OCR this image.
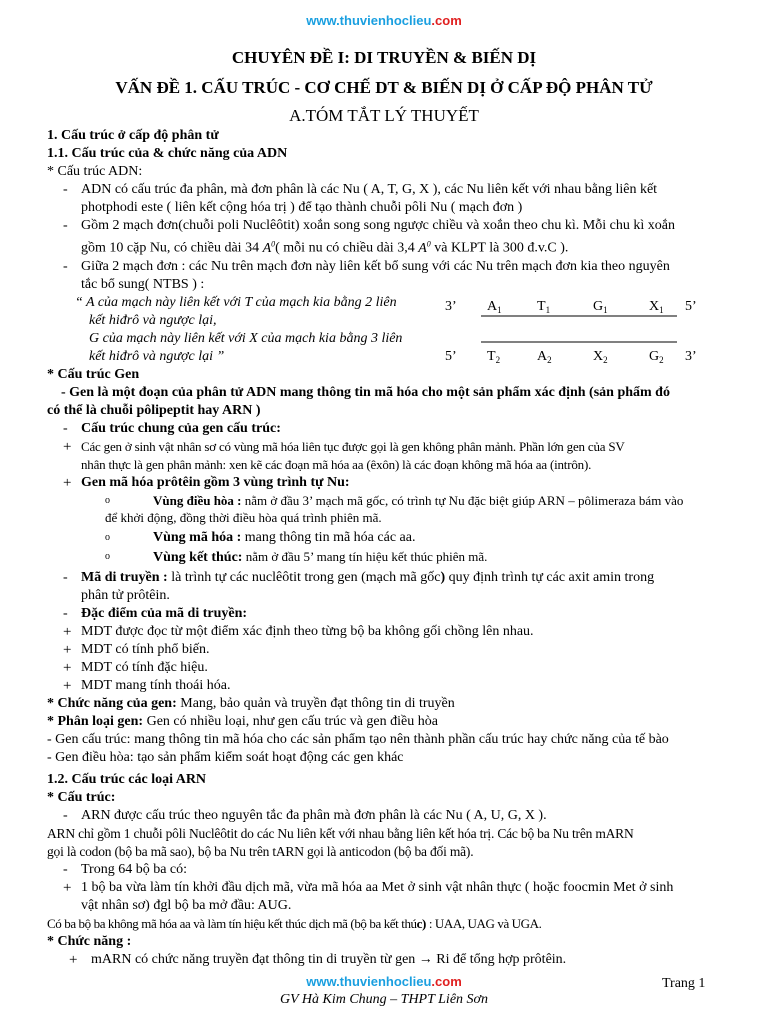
www.thuvienhoclieu.com
CHUYÊN ĐỀ I: DI TRUYỀN & BIẾN DỊ
VẤN ĐỀ 1. CẤU TRÚC - CƠ CHẾ DT & BIẾN DỊ Ở CẤP ĐỘ PHÂN TỬ
A.TÓM TẮT LÝ THUYẾT
1. Cấu trúc ở cấp độ phân tử
1.1. Cấu trúc của & chức năng của ADN
* Cấu trúc ADN:
- ADN có cấu trúc đa phân, mà đơn phân là các Nu ( A, T, G, X ), các Nu liên kết với nhau bằng liên kết
photphodi este ( liên kết cộng hóa trị ) để tạo thành chuỗi pôli Nu ( mạch đơn )
- Gồm 2 mạch đơn(chuỗi poli Nuclêôtit) xoắn song song ngược chiều và xoắn theo chu kì. Mỗi chu kì xoắn
gồm 10 cặp Nu, có chiều dài 34 $A^0$( mỗi nu có chiều dài 3,4 $A^0$ và KLPT là 300 đ.v.C ).
- Giữa 2 mạch đơn : các Nu trên mạch đơn này liên kết bổ sung với các Nu trên mạch đơn kia theo nguyên
tắc bổ sung( NTBS ) :
“ A của mạch này liên kết với T của mạch kia bằng 2 liên
kết hiđrô và ngược lại,
G của mạch này liên kết với X của mạch kia bằng 3 liên
kết hiđrô và ngược lại ”
3’ $A_1$	$T_1$	$G_1$	$X_1$ 5’
5’ $T_2$	$A_2$	$X_2$	$G_2$ 3’
* Cấu trúc Gen
- Gen là một đoạn của phân tử ADN mang thông tin mã hóa cho một sản phẩm xác định (sản phẩm đó
có thể là chuỗi pôlipeptit hay ARN )
- Cấu trúc chung của gen cấu trúc:
+ Các gen ở sinh vật nhân sơ có vùng mã hóa liên tục được gọi là gen không phân mảnh. Phần lớn gen của SV
nhân thực là gen phân mảnh: xen kẽ các đoạn mã hóa aa (êxôn) là các đoạn không mã hóa aa (intrôn).
+ Gen mã hóa prôtêin gồm 3 vùng trình tự Nu:
o	Vùng điều hòa : nằm ở đầu 3’ mạch mã gốc, có trình tự Nu đặc biệt giúp ARN – pôlimeraza bám vào
để khởi động, đồng thời điều hòa quá trình phiên mã.
o	Vùng mã hóa : mang thông tin mã hóa các aa.
o	Vùng kết thúc: nằm ở đầu 5’ mang tín hiệu kết thúc phiên mã.
- Mã di truyền : là trình tự các nuclêôtit trong gen (mạch mã gốc) quy định trình tự các axit amin trong
phân tử prôtêin.
- Đặc điểm của mã di truyền:
+ MDT được đọc từ một điểm xác định theo từng bộ ba không gối chồng lên nhau.
+ MDT có tính phổ biến.
+ MDT có tính đặc hiệu.
+ MDT mang tính thoái hóa.
* Chức năng của gen: Mang, bảo quản và truyền đạt thông tin di truyền
* Phân loại gen: Gen có nhiều loại, như gen cấu trúc và gen điều hòa
- Gen cấu trúc: mang thông tin mã hóa cho các sản phẩm tạo nên thành phần cấu trúc hay chức năng của tế bào
- Gen điều hòa: tạo sản phẩm kiểm soát hoạt động các gen khác
1.2. Cấu trúc các loại ARN
* Cấu trúc:
- ARN được cấu trúc theo nguyên tắc đa phân mà đơn phân là các Nu ( A, U, G, X ).
ARN chỉ gồm 1 chuỗi pôli Nuclêôtit do các Nu liên kết với nhau bằng liên kết hóa trị. Các bộ ba Nu trên mARN
gọi là codon (bộ ba mã sao), bộ ba Nu trên tARN gọi là anticodon (bộ ba đối mã).
- Trong 64 bộ ba có:
+ 1 bộ ba vừa làm tín khởi đầu dịch mã, vừa mã hóa aa Met ở sinh vật nhân thực ( hoặc foocmin Met ở sinh
vật nhân sơ) đgl bộ ba mở đầu: AUG.
Có ba bộ ba không mã hóa aa và làm tín hiệu kết thúc dịch mã (bộ ba kết thúc) : UAA, UAG và UGA.
* Chức năng :
+ mARN có chức năng truyền đạt thông tin di truyền từ gen → Ri để tổng hợp prôtêin.
www.thuvienhoclieu.com	Trang 1
GV Hà Kim Chung – THPT Liên Sơn
